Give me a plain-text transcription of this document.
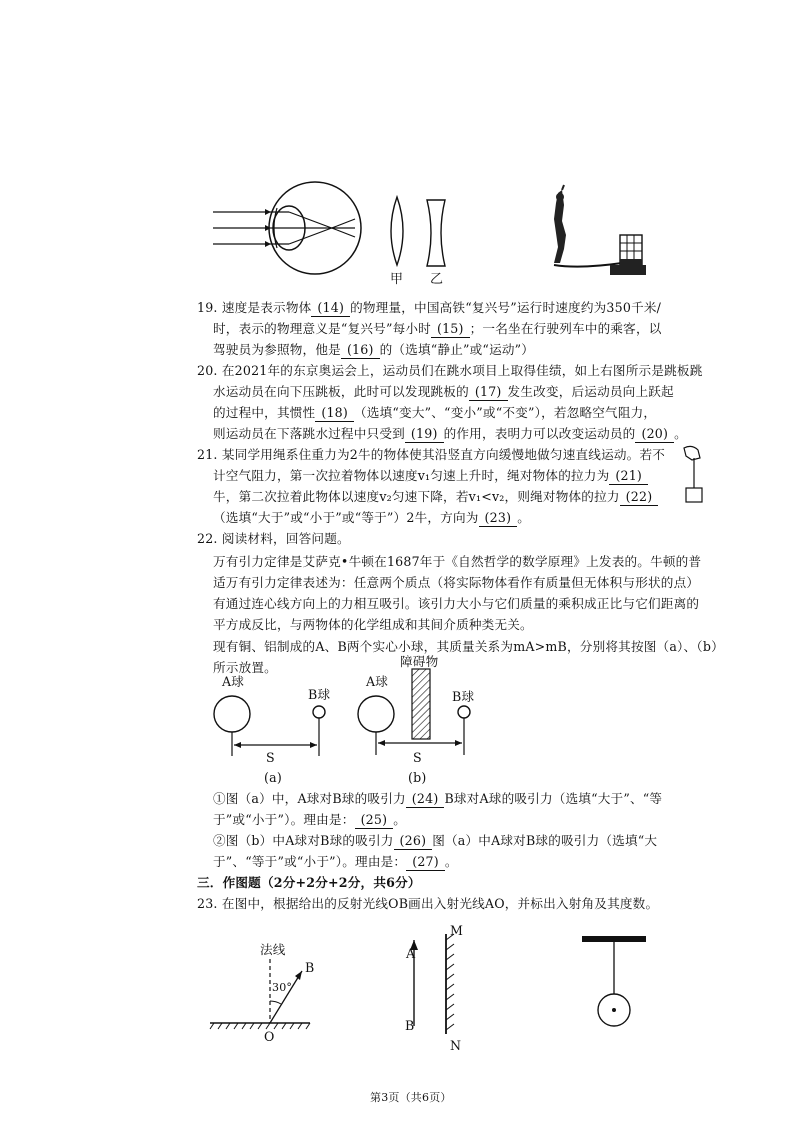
甲 乙
19. 速度是表示物体 (14) 的物理量，中国高铁“复兴号”运行时速度约为350千米/
时，表示的物理意义是“复兴号”每小时 (15) ；一名坐在行驶列车中的乘客，以
驾驶员为参照物，他是 (16) 的（选填“静止”或“运动”）
20. 在2021年的东京奥运会上，运动员们在跳水项目上取得佳绩，如上右图所示是跳板跳
水运动员在向下压跳板，此时可以发现跳板的 (17) 发生改变，后运动员向上跃起
的过程中，其惯性 (18) （选填“变大”、“变小”或“不变”），若忽略空气阻力，
则运动员在下落跳水过程中只受到 (19) 的作用，表明力可以改变运动员的 (20) 。
21. 某同学用绳系住重力为2牛的物体使其沿竖直方向缓慢地做匀速直线运动。若不
计空气阻力，第一次拉着物体以速度v₁匀速上升时，绳对物体的拉力为 (21)
牛，第二次拉着此物体以速度v₂匀速下降，若v₁<v₂，则绳对物体的拉力 (22)
（选填“大于”或“小于”或“等于”）2牛，方向为 (23) 。
22. 阅读材料，回答问题。
万有引力定律是艾萨克•牛顿在1687年于《自然哲学的数学原理》上发表的。牛顿的普
适万有引力定律表述为：任意两个质点（将实际物体看作有质量但无体积与形状的点）
有通过连心线方向上的力相互吸引。该引力大小与它们质量的乘积成正比与它们距离的
平方成反比，与两物体的化学组成和其间介质种类无关。
现有铜、铝制成的A、B两个实心小球，其质量关系为mA>mB，分别将其按图（a）、（b）
所示放置。
A球
B球
S
(a)
障碍物
A球
B球
S
(b)
①图（a）中，A球对B球的吸引力 (24) B球对A球的吸引力（选填“大于”、“等
于”或“小于”）。理由是： (25) 。
②图（b）中A球对B球的吸引力 (26) 图（a）中A球对B球的吸引力（选填“大
于”、“等于”或“小于”）。理由是： (27) 。
三．作图题（2分+2分+2分，共6分）
23. 在图中，根据给出的反射光线OB画出入射光线AO，并标出入射角及其度数。
法线
B
30°
O
A
B
M
N
第3页（共6页）
